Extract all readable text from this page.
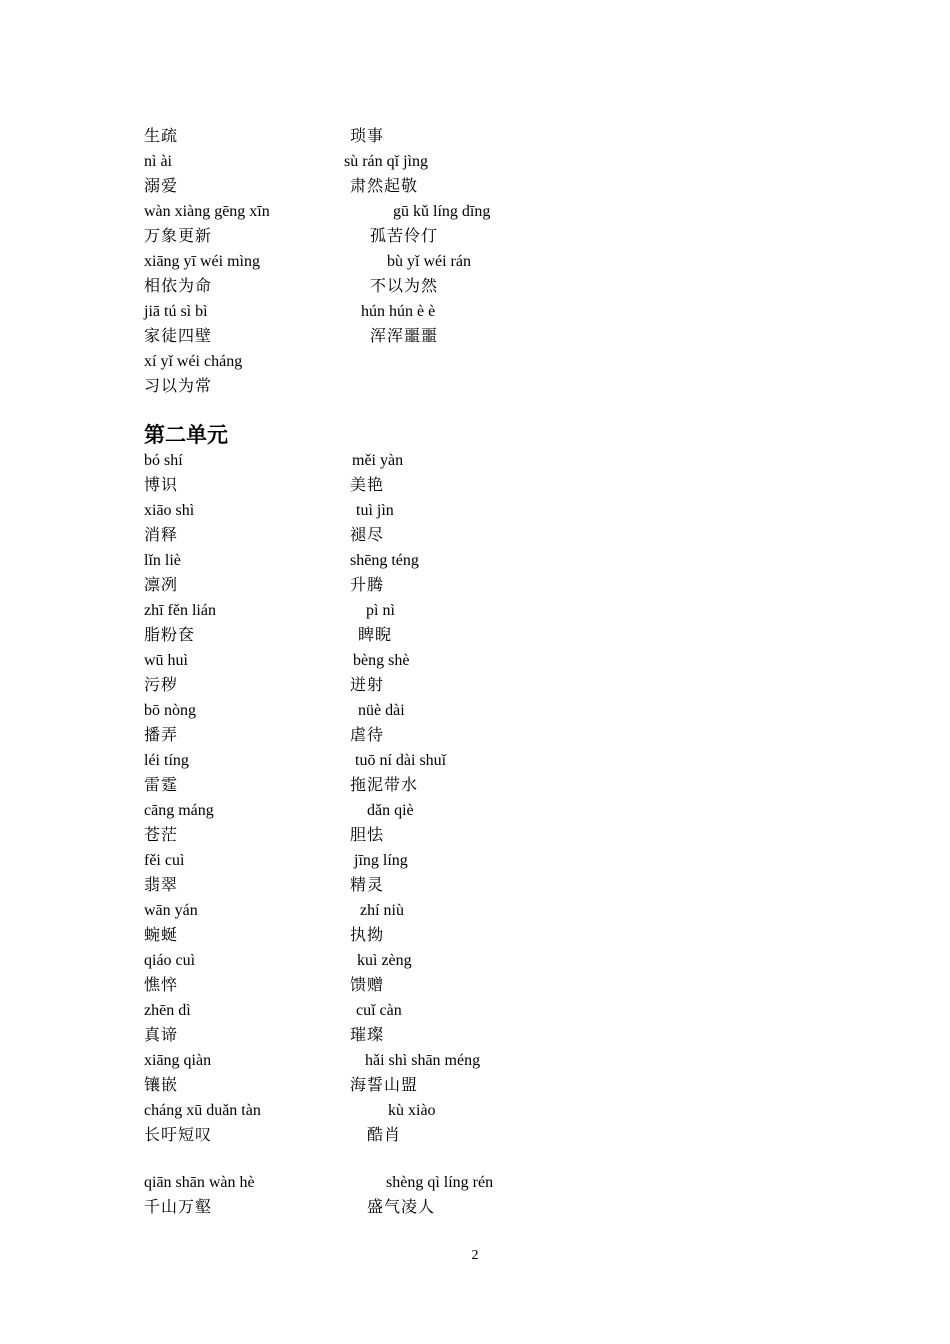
生疏	琐事
nì ài	sù rán qǐ jìng
溺爱	肃然起敬
wàn xiàng gēng xīn	gū kǔ líng dīng
万象更新	孤苦伶仃
xiāng yī wéi mìng	bù yǐ wéi rán
相依为命	不以为然
jiā tú sì bì	hún hún è è
家徒四壁	浑浑噩噩
xí yǐ wéi cháng
习以为常
第二单元
bó shí	měi yàn
博识	美艳
xiāo shì	tuì jìn
消释	褪尽
lǐn liè	shēng téng
凛冽	升腾
zhī fěn lián	pì nì
脂粉奁	睥睨
wū huì	bèng shè
污秽	迸射
bō nòng	nüè dài
播弄	虐待
léi tíng	tuō ní dài shuǐ
雷霆	拖泥带水
cāng máng	dǎn qiè
苍茫	胆怯
fěi cuì	jīng líng
翡翠	精灵
wān yán	zhí niù
蜿蜒	执拗
qiáo cuì	kuì zèng
憔悴	馈赠
zhēn dì	cuǐ càn
真谛	璀璨
xiāng qiàn	hǎi shì shān méng
镶嵌	海誓山盟
cháng xū duǎn tàn	kù xiào
长吁短叹	酷肖
qiān shān wàn hè	shèng qì líng rén
千山万壑	盛气凌人
2
